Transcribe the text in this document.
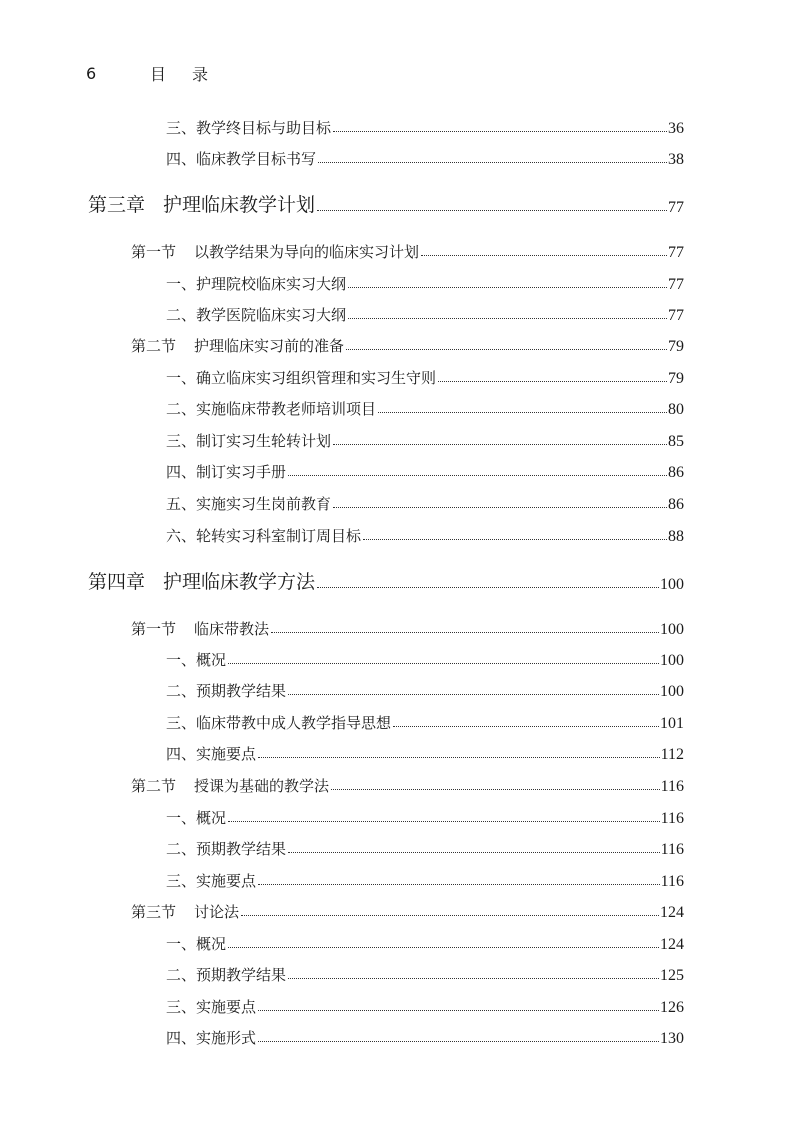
6	目录
三、教学终目标与助目标	36
四、临床教学目标书写	38
第三章 护理临床教学计划	77
第一节 以教学结果为导向的临床实习计划	77
一、护理院校临床实习大纲	77
二、教学医院临床实习大纲	77
第二节 护理临床实习前的准备	79
一、确立临床实习组织管理和实习生守则	79
二、实施临床带教老师培训项目	80
三、制订实习生轮转计划	85
四、制订实习手册	86
五、实施实习生岗前教育	86
六、轮转实习科室制订周目标	88
第四章 护理临床教学方法	100
第一节 临床带教法	100
一、概况	100
二、预期教学结果	100
三、临床带教中成人教学指导思想	101
四、实施要点	112
第二节 授课为基础的教学法	116
一、概况	116
二、预期教学结果	116
三、实施要点	116
第三节 讨论法	124
一、概况	124
二、预期教学结果	125
三、实施要点	126
四、实施形式	130
